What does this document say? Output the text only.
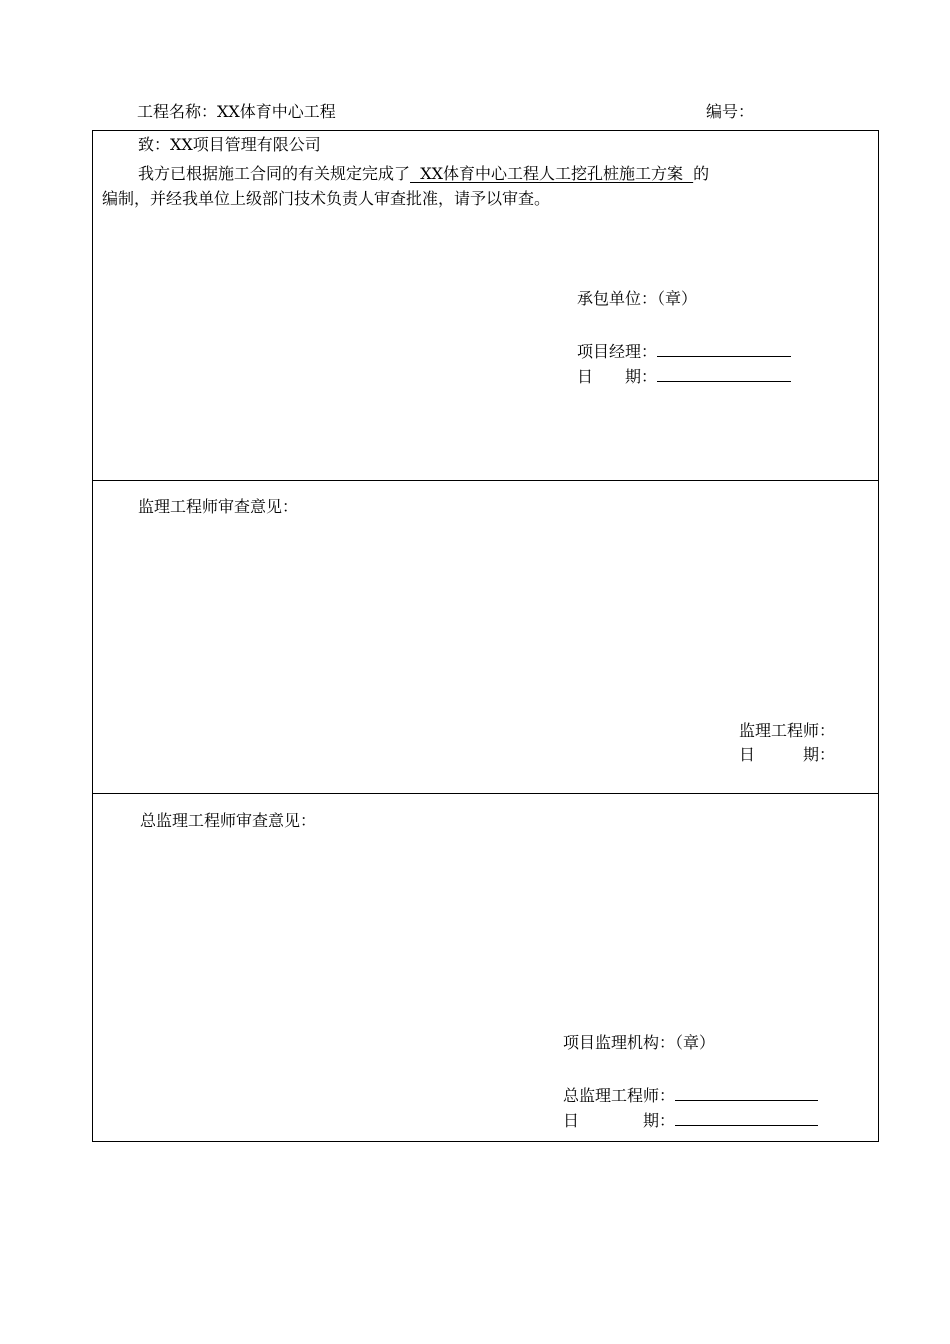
工程名称：XX体育中心工程	编号：
致：XX项目管理有限公司
我方已根据施工合同的有关规定完成了  XX体育中心工程人工挖孔桩施工方案  的
编制，并经我单位上级部门技术负责人审查批准，请予以审查。
承包单位：（章）
项目经理：
日　　期：
监理工程师审查意见：
监理工程师：
日　　　期：
总监理工程师审查意见：
项目监理机构：（章）
总监理工程师：
日　　　　期：
